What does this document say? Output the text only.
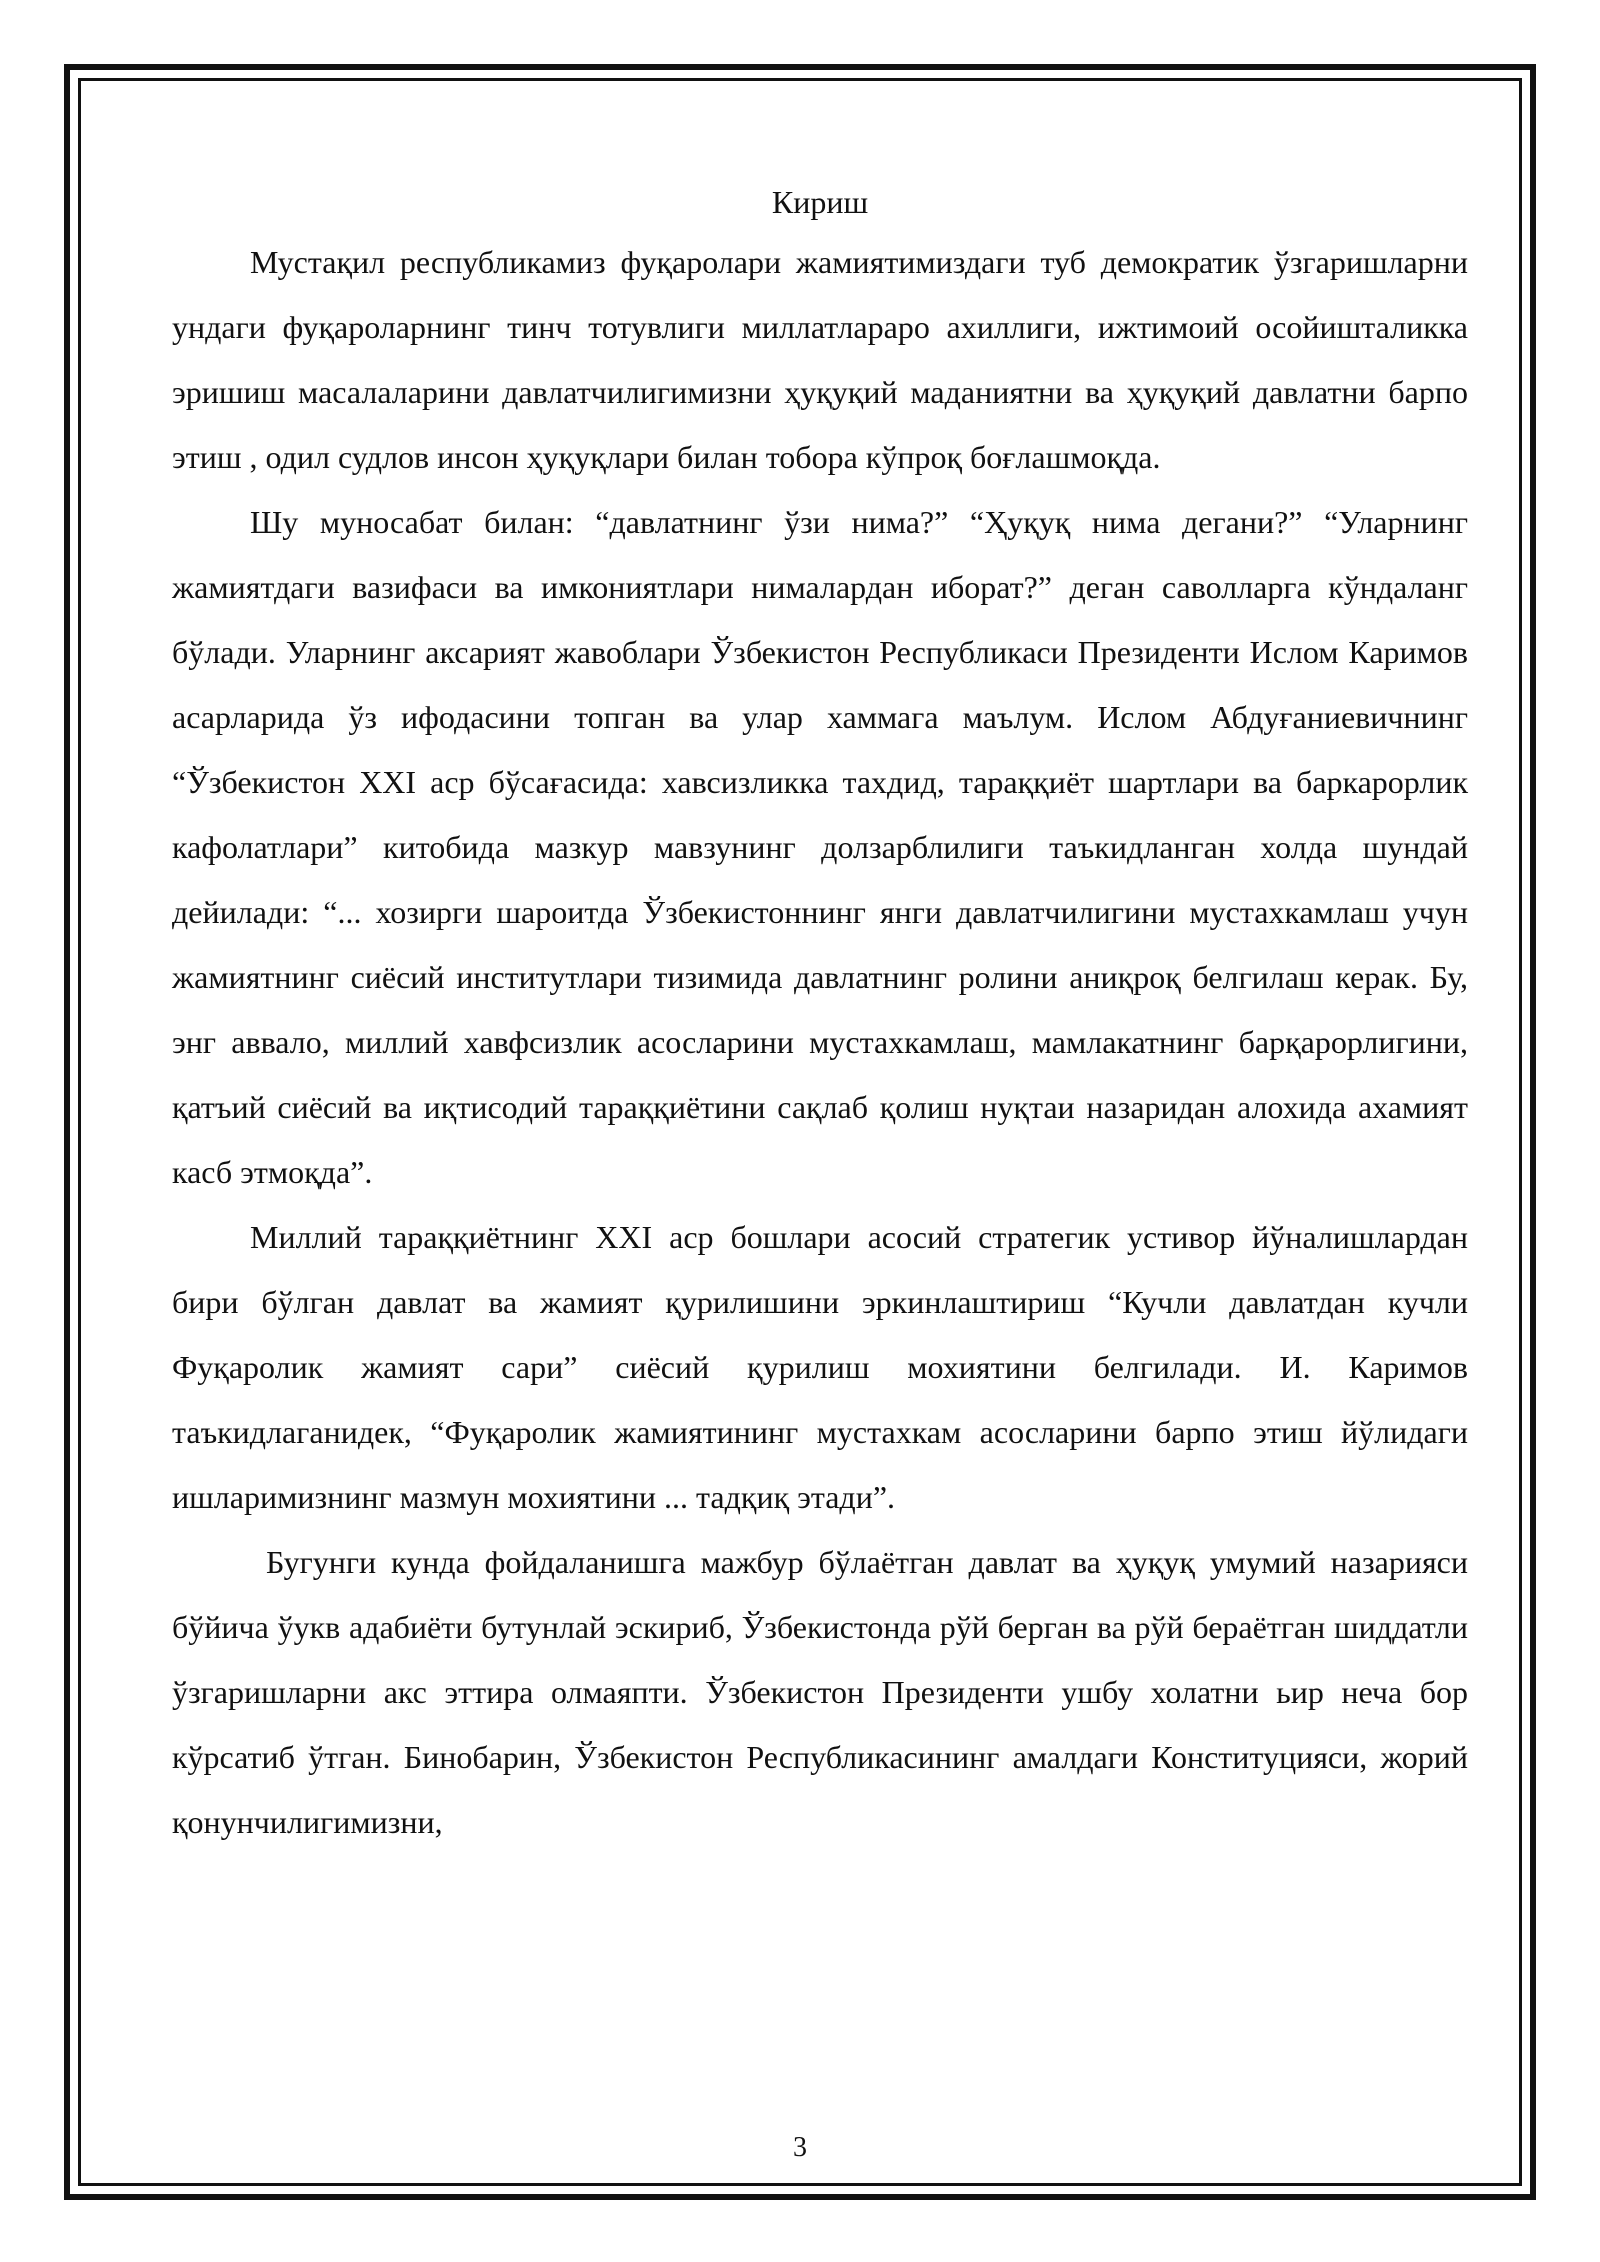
Кириш

Мустақил республикамиз фуқаролари жамиятимиздаги туб демократик ўзгаришларни ундаги фуқароларнинг тинч тотувлиги миллатлараро ахиллиги, ижтимоий осойишталикка эришиш масалаларини давлатчилигимизни ҳуқуқий маданиятни ва ҳуқуқий давлатни барпо этиш , одил судлов инсон ҳуқуқлари билан тобора кўпроқ боғлашмоқда.

Шу муносабат билан: “давлатнинг ўзи нима?” “Ҳуқуқ нима дегани?” “Уларнинг жамиятдаги вазифаси ва имкониятлари нималардан иборат?” деган саволларга кўндаланг бўлади. Уларнинг аксарият жавоблари Ўзбекистон Республикаси Президенти Ислом Каримов асарларида ўз ифодасини топган ва улар хаммага маълум. Ислом Абдуғаниевичнинг “Ўзбекистон XXI аср бўсағасида: хавсизликка тахдид, тараққиёт шартлари ва баркарорлик кафолатлари” китобида мазкур мавзунинг долзарблилиги таъкидланган холда шундай дейилади: “... хозирги шароитда Ўзбекистоннинг янги давлатчилигини мустахкамлаш учун жамиятнинг сиёсий институтлари тизимида давлатнинг ролини аниқроқ белгилаш керак. Бу, энг аввало, миллий хавфсизлик асосларини мустахкамлаш, мамлакатнинг барқарорлигини, қатъий сиёсий ва иқтисодий тараққиётини сақлаб қолиш нуқтаи назаридан алохида ахамият касб этмоқда”.

Миллий тараққиётнинг XXI аср бошлари асосий стратегик устивор йўналишлардан бири бўлган давлат ва жамият қурилишини эркинлаштириш “Кучли давлатдан кучли Фуқаролик жамият сари” сиёсий қурилиш мохиятини белгилади. И. Каримов таъкидлаганидек, “Фуқаролик жамиятининг мустахкам асосларини барпо этиш йўлидаги ишларимизнинг мазмун мохиятини ... тадқиқ этади”.

Бугунги кунда фойдаланишга мажбур бўлаётган давлат ва ҳуқуқ умумий назарияси бўйича ўукв адабиёти бутунлай эскириб, Ўзбекистонда рўй берган ва рўй бераётган шиддатли ўзгаришларни акс эттира олмаяпти. Ўзбекистон Президенти ушбу холатни ьир неча бор кўрсатиб ўтган. Бинобарин, Ўзбекистон Республикасининг амалдаги Конституцияси, жорий қонунчилигимизни,

3
